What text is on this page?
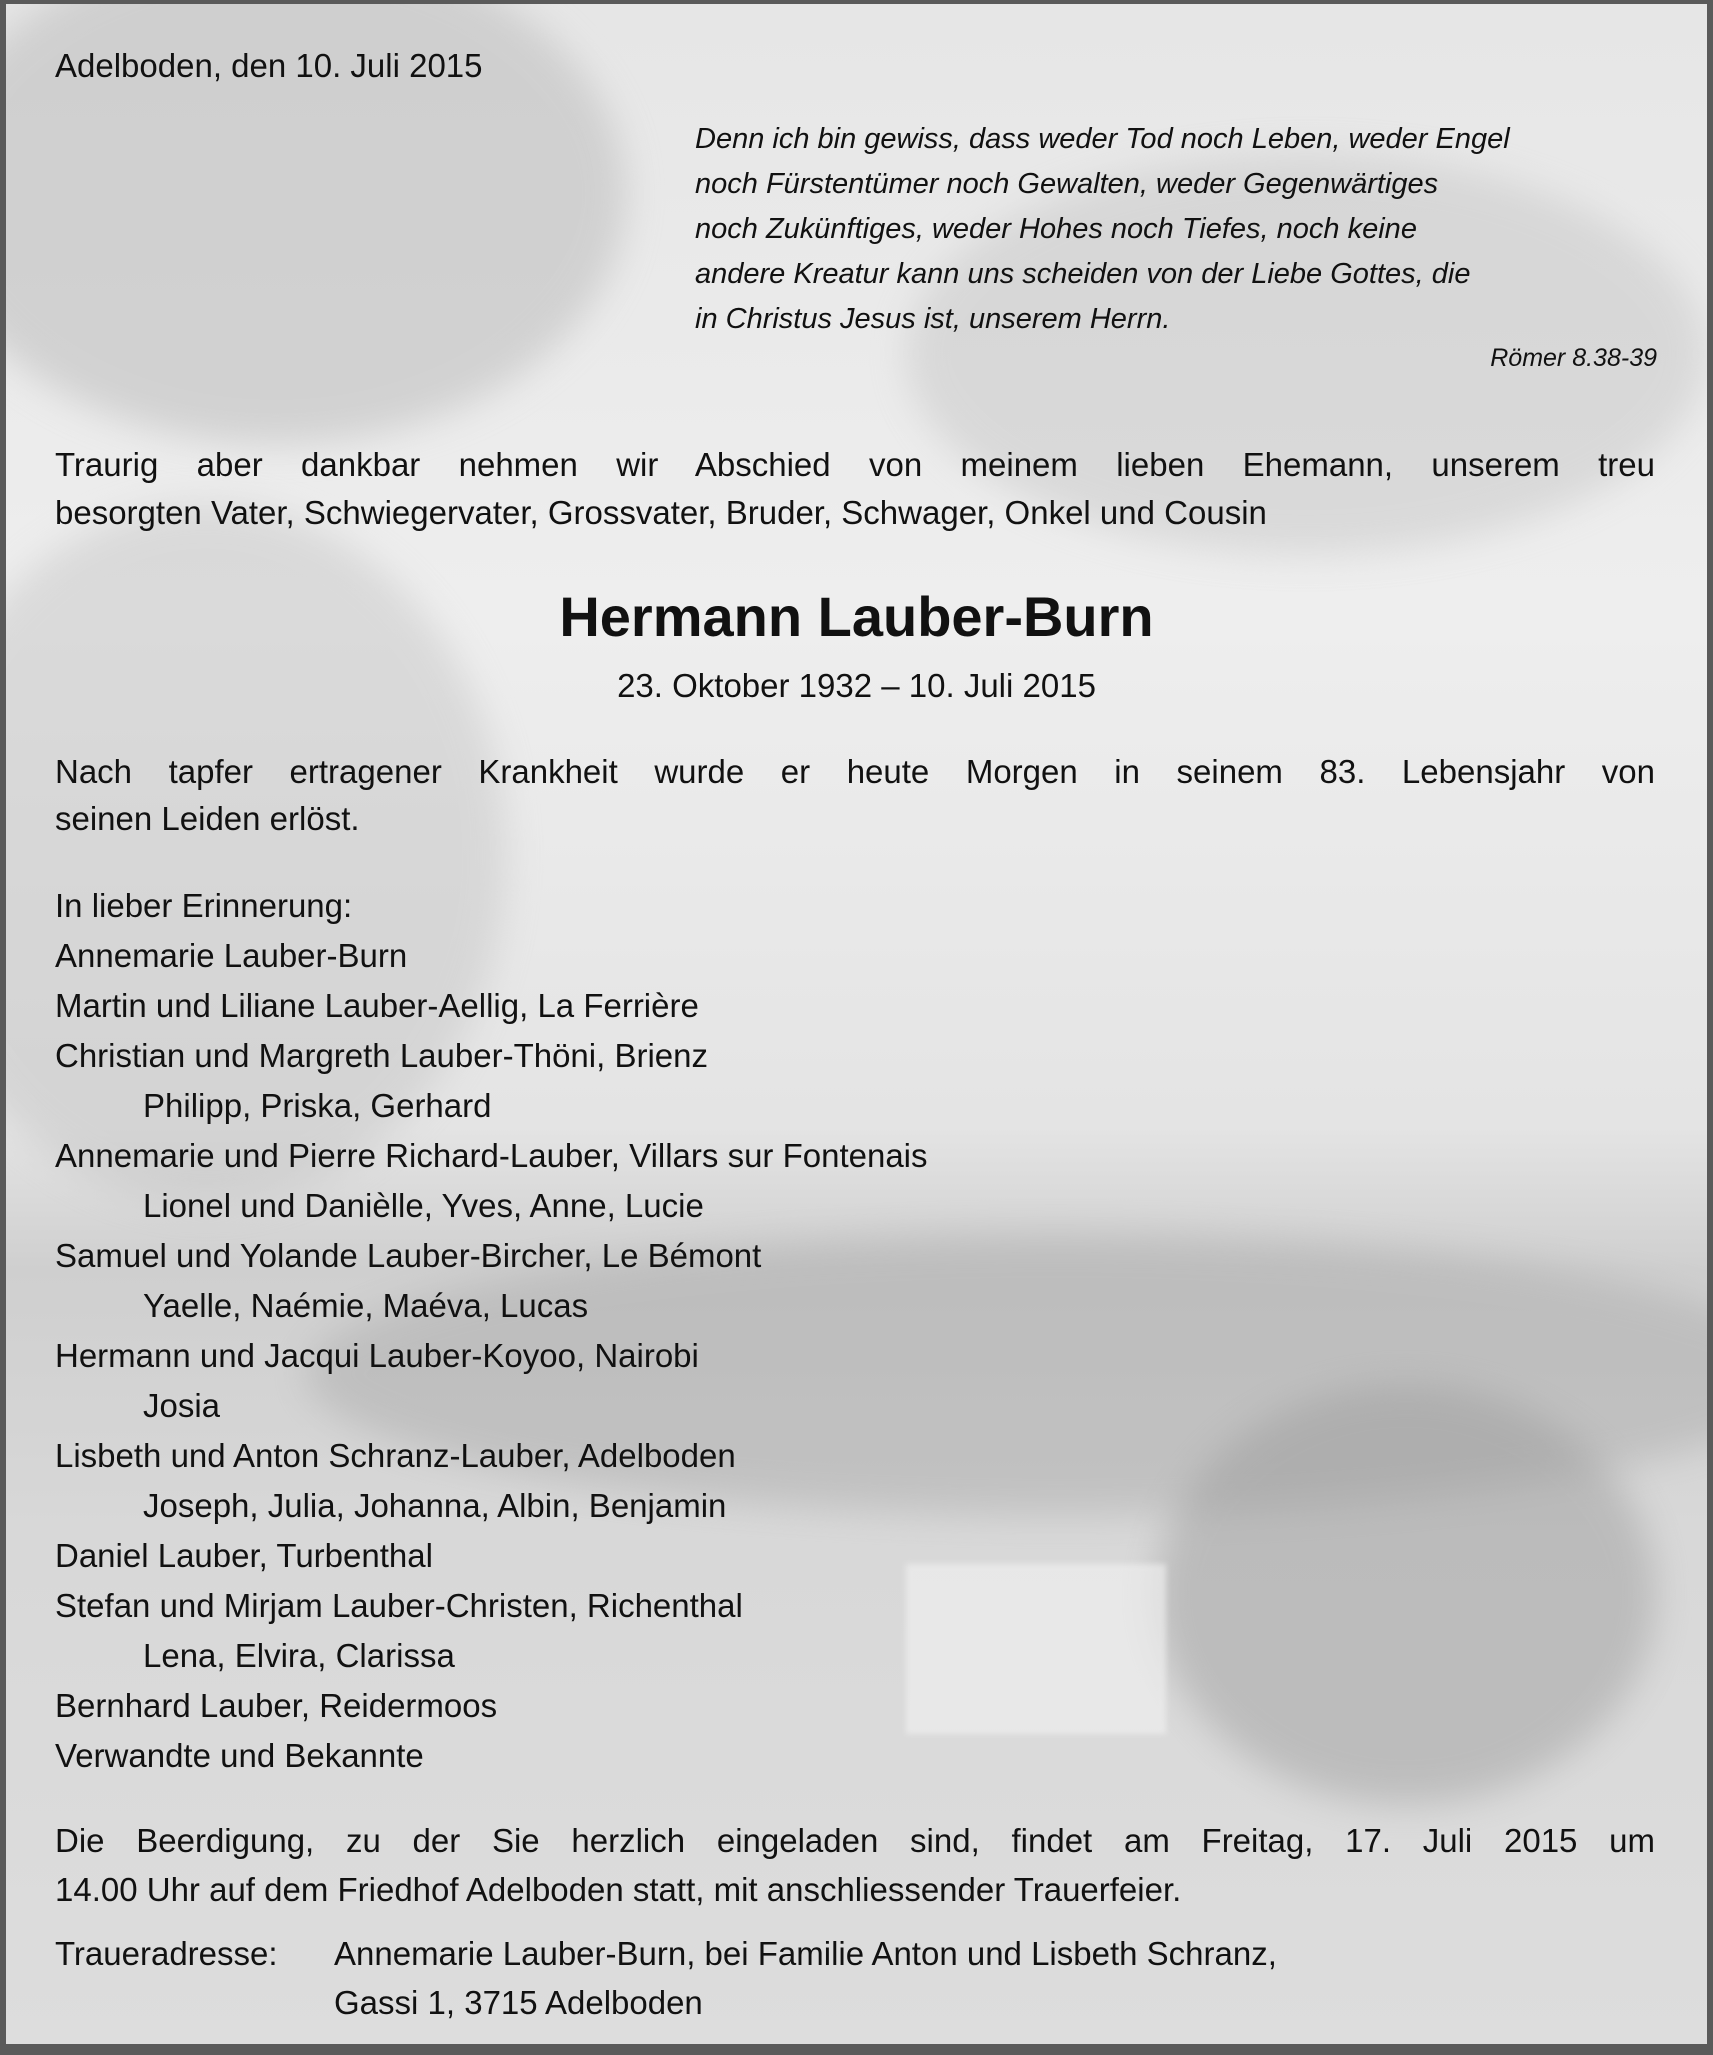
Adelboden, den 10. Juli 2015
Denn ich bin gewiss, dass weder Tod noch Leben, weder Engel
noch Fürstentümer noch Gewalten, weder Gegenwärtiges
noch Zukünftiges, weder Hohes noch Tiefes, noch keine
andere Kreatur kann uns scheiden von der Liebe Gottes, die
in Christus Jesus ist, unserem Herrn.
Römer 8.38-39
Traurig aber dankbar nehmen wir Abschied von meinem lieben Ehemann, unserem treu
besorgten Vater, Schwiegervater, Grossvater, Bruder, Schwager, Onkel und Cousin
Hermann Lauber-Burn
23. Oktober 1932 – 10. Juli 2015
Nach tapfer ertragener Krankheit wurde er heute Morgen in seinem 83. Lebensjahr von
seinen Leiden erlöst.
In lieber Erinnerung:
Annemarie Lauber-Burn
Martin und Liliane Lauber-Aellig, La Ferrière
Christian und Margreth Lauber-Thöni, Brienz
Philipp, Priska, Gerhard
Annemarie und Pierre Richard-Lauber, Villars sur Fontenais
Lionel und Danièlle, Yves, Anne, Lucie
Samuel und Yolande Lauber-Bircher, Le Bémont
Yaelle, Naémie, Maéva, Lucas
Hermann und Jacqui Lauber-Koyoo, Nairobi
Josia
Lisbeth und Anton Schranz-Lauber, Adelboden
Joseph, Julia, Johanna, Albin, Benjamin
Daniel Lauber, Turbenthal
Stefan und Mirjam Lauber-Christen, Richenthal
Lena, Elvira, Clarissa
Bernhard Lauber, Reidermoos
Verwandte und Bekannte
Die Beerdigung, zu der Sie herzlich eingeladen sind, findet am Freitag, 17. Juli 2015 um
14.00 Uhr auf dem Friedhof Adelboden statt, mit anschliessender Trauerfeier.
Traueradresse: Annemarie Lauber-Burn, bei Familie Anton und Lisbeth Schranz,
Gassi 1, 3715 Adelboden
